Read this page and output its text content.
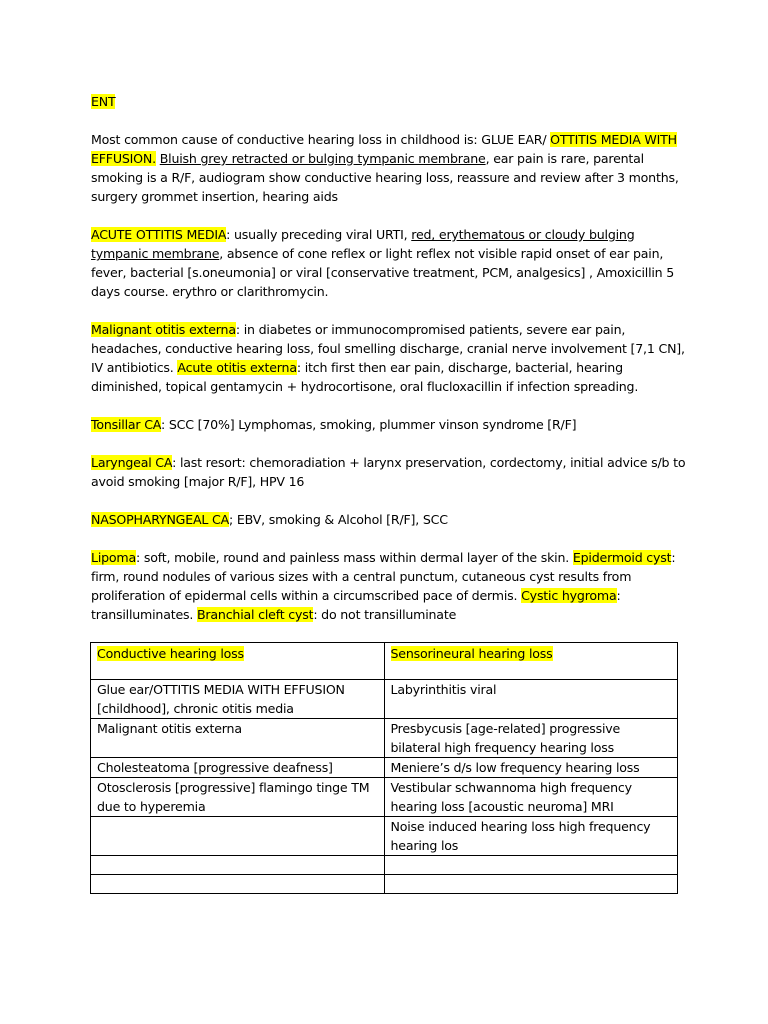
ENT

Most common cause of conductive hearing loss in childhood is: GLUE EAR/ OTTITIS MEDIA WITH EFFUSION. Bluish grey retracted or bulging tympanic membrane, ear pain is rare, parental smoking is a R/F, audiogram show conductive hearing loss, reassure and review after 3 months, surgery grommet insertion, hearing aids

ACUTE OTTITIS MEDIA: usually preceding viral URTI, red, erythematous or cloudy bulging tympanic membrane, absence of cone reflex or light reflex not visible rapid onset of ear pain, fever, bacterial [s.oneumonia] or viral [conservative treatment, PCM, analgesics] , Amoxicillin 5 days course. erythro or clarithromycin.

Malignant otitis externa: in diabetes or immunocompromised patients, severe ear pain, headaches, conductive hearing loss, foul smelling discharge, cranial nerve involvement [7,1 CN], IV antibiotics. Acute otitis externa: itch first then ear pain, discharge, bacterial, hearing diminished, topical gentamycin + hydrocortisone, oral flucloxacillin if infection spreading.

Tonsillar CA: SCC [70%] Lymphomas, smoking, plummer vinson syndrome [R/F]

Laryngeal CA: last resort: chemoradiation + larynx preservation, cordectomy, initial advice s/b to avoid smoking [major R/F], HPV 16

NASOPHARYNGEAL CA; EBV, smoking & Alcohol [R/F], SCC

Lipoma: soft, mobile, round and painless mass within dermal layer of the skin. Epidermoid cyst: firm, round nodules of various sizes with a central punctum, cutaneous cyst results from proliferation of epidermal cells within a circumscribed pace of dermis. Cystic hygroma: transilluminates. Branchial cleft cyst: do not transilluminate

Conductive hearing loss	Sensorineural hearing loss
Glue ear/OTTITIS MEDIA WITH EFFUSION [childhood], chronic otitis media	Labyrinthitis viral
Malignant otitis externa	Presbycusis [age-related] progressive bilateral high frequency hearing loss
Cholesteatoma [progressive deafness]	Meniere’s d/s low frequency hearing loss
Otosclerosis [progressive] flamingo tinge TM due to hyperemia	Vestibular schwannoma high frequency hearing loss [acoustic neuroma] MRI
	Noise induced hearing loss high frequency hearing los
